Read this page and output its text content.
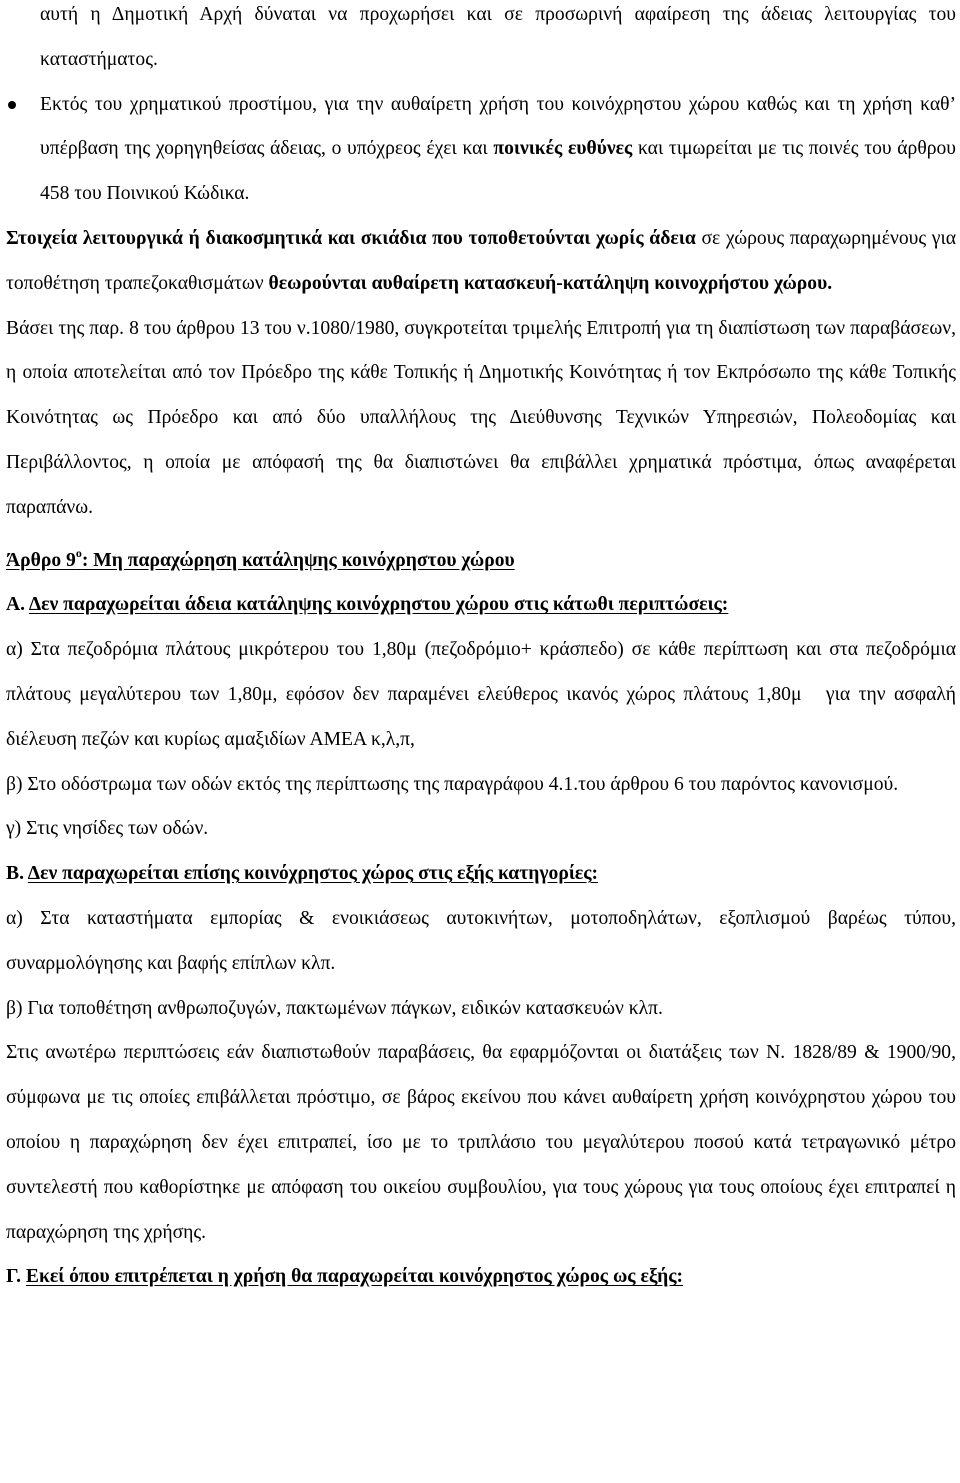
αυτή η Δημοτική Αρχή δύναται να προχωρήσει και σε προσωρινή αφαίρεση της άδειας λειτουργίας του καταστήματος.

Εκτός του χρηματικού προστίμου, για την αυθαίρετη χρήση του κοινόχρηστου χώρου καθώς και τη χρήση καθ’ υπέρβαση της χορηγηθείσας άδειας, ο υπόχρεος έχει και ποινικές ευθύνες και τιμωρείται με τις ποινές του άρθρου 458 του Ποινικού Κώδικα.

Στοιχεία λειτουργικά ή διακοσμητικά και σκιάδια που τοποθετούνται χωρίς άδεια σε χώρους παραχωρημένους για τοποθέτηση τραπεζοκαθισμάτων θεωρούνται αυθαίρετη κατασκευή-κατάληψη κοινοχρήστου χώρου.

Βάσει της παρ. 8 του άρθρου 13 του ν.1080/1980, συγκροτείται τριμελής Επιτροπή για τη διαπίστωση των παραβάσεων, η οποία αποτελείται από τον Πρόεδρο της κάθε Τοπικής ή Δημοτικής Κοινότητας ή τον Εκπρόσωπο της κάθε Τοπικής Κοινότητας ως Πρόεδρο και από δύο υπαλλήλους της Διεύθυνσης Τεχνικών Υπηρεσιών, Πολεοδομίας και Περιβάλλοντος, η οποία με απόφασή της θα διαπιστώνει θα επιβάλλει χρηματικά πρόστιμα, όπως αναφέρεται παραπάνω.

Άρθρο $9^o$: Μη παραχώρηση κατάληψης κοινόχρηστου χώρου

Α. Δεν παραχωρείται άδεια κατάληψης κοινόχρηστου χώρου στις κάτωθι περιπτώσεις:

α) Στα πεζοδρόμια πλάτους μικρότερου του 1,80μ (πεζοδρόμιο+ κράσπεδο) σε κάθε περίπτωση και στα πεζοδρόμια πλάτους μεγαλύτερου των 1,80μ, εφόσον δεν παραμένει ελεύθερος ικανός χώρος πλάτους 1,80μ για την ασφαλή διέλευση πεζών και κυρίως αμαξιδίων ΑΜΕΑ κ,λ,π,

β) Στο οδόστρωμα των οδών εκτός της περίπτωσης της παραγράφου 4.1.του άρθρου 6 του παρόντος κανονισμού.

γ) Στις νησίδες των οδών.

Β. Δεν παραχωρείται επίσης κοινόχρηστος χώρος στις εξής κατηγορίες:

α) Στα καταστήματα εμπορίας & ενοικιάσεως αυτοκινήτων, μοτοποδηλάτων, εξοπλισμού βαρέως τύπου, συναρμολόγησης και βαφής επίπλων κλπ.

β) Για τοποθέτηση ανθρωποζυγών, πακτωμένων πάγκων, ειδικών κατασκευών κλπ.

Στις ανωτέρω περιπτώσεις εάν διαπιστωθούν παραβάσεις, θα εφαρμόζονται οι διατάξεις των Ν. 1828/89 & 1900/90, σύμφωνα με τις οποίες επιβάλλεται πρόστιμο, σε βάρος εκείνου που κάνει αυθαίρετη χρήση κοινόχρηστου χώρου του οποίου η παραχώρηση δεν έχει επιτραπεί, ίσο με το τριπλάσιο του μεγαλύτερου ποσού κατά τετραγωνικό μέτρο συντελεστή που καθορίστηκε με απόφαση του οικείου συμβουλίου, για τους χώρους για τους οποίους έχει επιτραπεί η παραχώρηση της χρήσης.

Γ. Εκεί όπου επιτρέπεται η χρήση θα παραχωρείται κοινόχρηστος χώρος ως εξής:
